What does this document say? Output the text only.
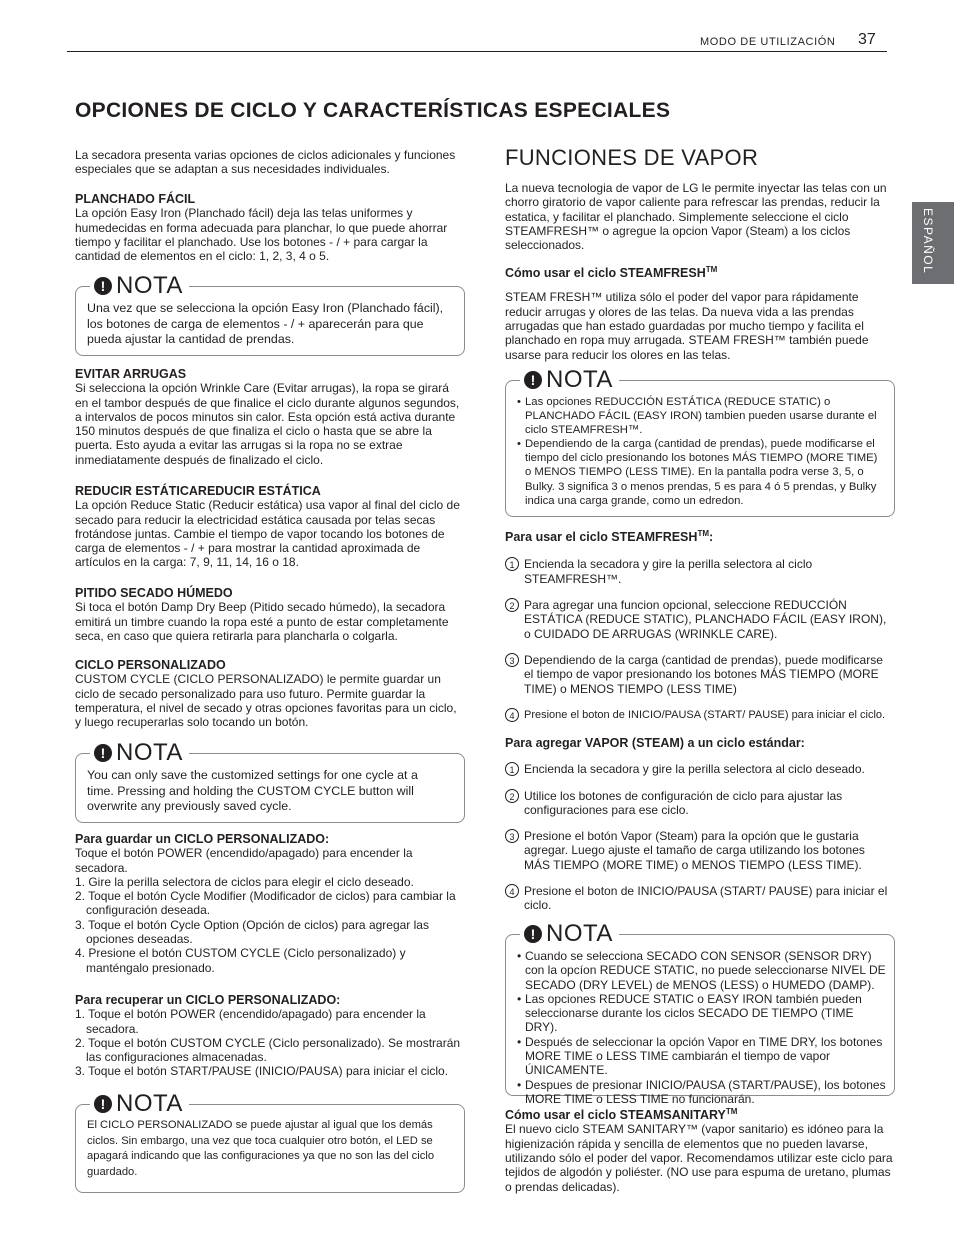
MODO DE UTILIZACIÓN 37
OPCIONES DE CICLO Y CARACTERÍSTICAS ESPECIALES
ESPAÑOL

La secadora presenta varias opciones de ciclos adicionales y funciones especiales que se adaptan a sus necesidades individuales.

PLANCHADO FÁCIL

La opción Easy Iron (Planchado fácil) deja las telas uniformes y humedecidas en forma adecuada para planchar, lo que puede ahorrar tiempo y facilitar el planchado. Use los botones - / + para cargar la cantidad de elementos en el ciclo: 1, 2, 3, 4 o 5.

! NOTA

Una vez que se selecciona la opción Easy Iron (Planchado fácil), los botones de carga de elementos - / + aparecerán para que pueda ajustar la cantidad de prendas.

EVITAR ARRUGAS

Si selecciona la opción Wrinkle Care (Evitar arrugas), la ropa se girará en el tambor después de que finalice el ciclo durante algunos segundos, a intervalos de pocos minutos sin calor. Esta opción está activa durante 150 minutos después de que finaliza el ciclo o hasta que se abre la puerta. Esto ayuda a evitar las arrugas si la ropa no se extrae inmediatamente después de finalizado el ciclo.

REDUCIR ESTÁTICAREDUCIR ESTÁTICA

La opción Reduce Static (Reducir estática) usa vapor al final del ciclo de secado para reducir la electricidad estática causada por telas secas frotándose juntas. Cambie el tiempo de vapor tocando los botones de carga de elementos - / + para mostrar la cantidad aproximada de artículos en la carga: 7, 9, 11, 14, 16 o 18.

PITIDO SECADO HÚMEDO

Si toca el botón Damp Dry Beep (Pitido secado húmedo), la secadora emitirá un timbre cuando la ropa esté a punto de estar completamente seca, en caso que quiera retirarla para plancharla o colgarla.

CICLO PERSONALIZADO

CUSTOM CYCLE (CICLO PERSONALIZADO) le permite guardar un ciclo de secado personalizado para uso futuro. Permite guardar la temperatura, el nivel de secado y otras opciones favoritas para un ciclo, y luego recuperarlas solo tocando un botón.

! NOTA

You can only save the customized settings for one cycle at a time. Pressing and holding the CUSTOM CYCLE button will overwrite any previously saved cycle.

Para guardar un CICLO PERSONALIZADO:

Toque el botón POWER (encendido/apagado) para encender la secadora.

1. Gire la perilla selectora de ciclos para elegir el ciclo deseado.
2. Toque el botón Cycle Modifier (Modificador de ciclos) para cambiar la configuración deseada.
3. Toque el botón Cycle Option (Opción de ciclos) para agregar las opciones deseadas.
4. Presione el botón CUSTOM CYCLE (Ciclo personalizado) y manténgalo presionado.

Para recuperar un CICLO PERSONALIZADO:

1. Toque el botón POWER (encendido/apagado) para encender la secadora.
2. Toque el botón CUSTOM CYCLE (Ciclo personalizado). Se mostrarán las configuraciones almacenadas.
3. Toque el botón START/PAUSE (INICIO/PAUSA) para iniciar el ciclo.
! NOTA

El CICLO PERSONALIZADO se puede ajustar al igual que los demás ciclos. Sin embargo, una vez que toca cualquier otro botón, el LED se apagará indicando que las configuraciones ya que no son las del ciclo guardado.

FUNCIONES DE VAPOR

La nueva tecnologia de vapor de LG le permite inyectar las telas con un chorro giratorio de vapor caliente para refrescar las prendas, reducir la estatica, y facilitar el planchado. Simplemente seleccione el ciclo STEAMFRESH™ o agregue la opcion Vapor (Steam) a los ciclos seleccionados.

Cómo usar el ciclo STEAMFRESH™

STEAM FRESH™ utiliza sólo el poder del vapor para rápidamente reducir arrugas y olores de las telas. Da nueva vida a las prendas arrugadas que han estado guardadas por mucho tiempo y facilita el planchado en ropa muy arrugada. STEAM FRESH™ también puede usarse para reducir los olores en las telas.

! NOTA
• Las opciones REDUCCIÓN ESTÁTICA (REDUCE STATIC) o PLANCHADO FÁCIL (EASY IRON) tambien pueden usarse durante el ciclo STEAMFRESH™.
• Dependiendo de la carga (cantidad de prendas), puede modificarse el tiempo del ciclo presionando los botones MÁS TIEMPO (MORE TIME) o MENOS TIEMPO (LESS TIME). En la pantalla podra verse 3, 5, o Bulky. 3 significa 3 o menos prendas, 5 es para 4 ó 5 prendas, y Bulky indica una carga grande, como un edredon.

Para usar el ciclo STEAMFRESH™:

1 Encienda la secadora y gire la perilla selectora al ciclo STEAMFRESH™.
2 Para agregar una funcion opcional, seleccione REDUCCIÓN ESTÁTICA (REDUCE STATIC), PLANCHADO FÁCIL (EASY IRON), o CUIDADO DE ARRUGAS (WRINKLE CARE).
3 Dependiendo de la carga (cantidad de prendas), puede modificarse el tiempo de vapor presionando los botones MÁS TIEMPO (MORE TIME) o MENOS TIEMPO (LESS TIME)
4 Presione el boton de INICIO/PAUSA (START/ PAUSE) para iniciar el ciclo.

Para agregar VAPOR (STEAM) a un ciclo estándar:

1 Encienda la secadora y gire la perilla selectora al ciclo deseado.
2 Utilice los botones de configuración de ciclo para ajustar las configuraciones para ese ciclo.
3 Presione el botón Vapor (Steam) para la opción que le gustaria agregar. Luego ajuste el tamaño de carga utilizando los botones MÁS TIEMPO (MORE TIME) o MENOS TIEMPO (LESS TIME).
4 Presione el boton de INICIO/PAUSA (START/ PAUSE) para iniciar el ciclo.
! NOTA
• Cuando se selecciona SECADO CON SENSOR (SENSOR DRY) con la opcíon REDUCE STATIC, no puede seleccionarse NIVEL DE SECADO (DRY LEVEL) de MENOS (LESS) o HUMEDO (DAMP).
• Las opciones REDUCE STATIC o EASY IRON también pueden seleccionarse durante los ciclos SECADO DE TIEMPO (TIME DRY).
• Después de seleccionar la opción Vapor en TIME DRY, los botones MORE TIME o LESS TIME cambiarán el tiempo de vapor ÚNICAMENTE.
• Despues de presionar INICIO/PAUSA (START/PAUSE), los botones MORE TIME o LESS TIME no funcionarán.

Cómo usar el ciclo STEAMSANITARY™

El nuevo ciclo STEAM SANITARY™ (vapor sanitario) es idóneo para la higienización rápida y sencilla de elementos que no pueden lavarse, utilizando sólo el poder del vapor. Recomendamos utilizar este ciclo para tejidos de algodón y poliéster. (NO use para espuma de uretano, plumas o prendas delicadas).
